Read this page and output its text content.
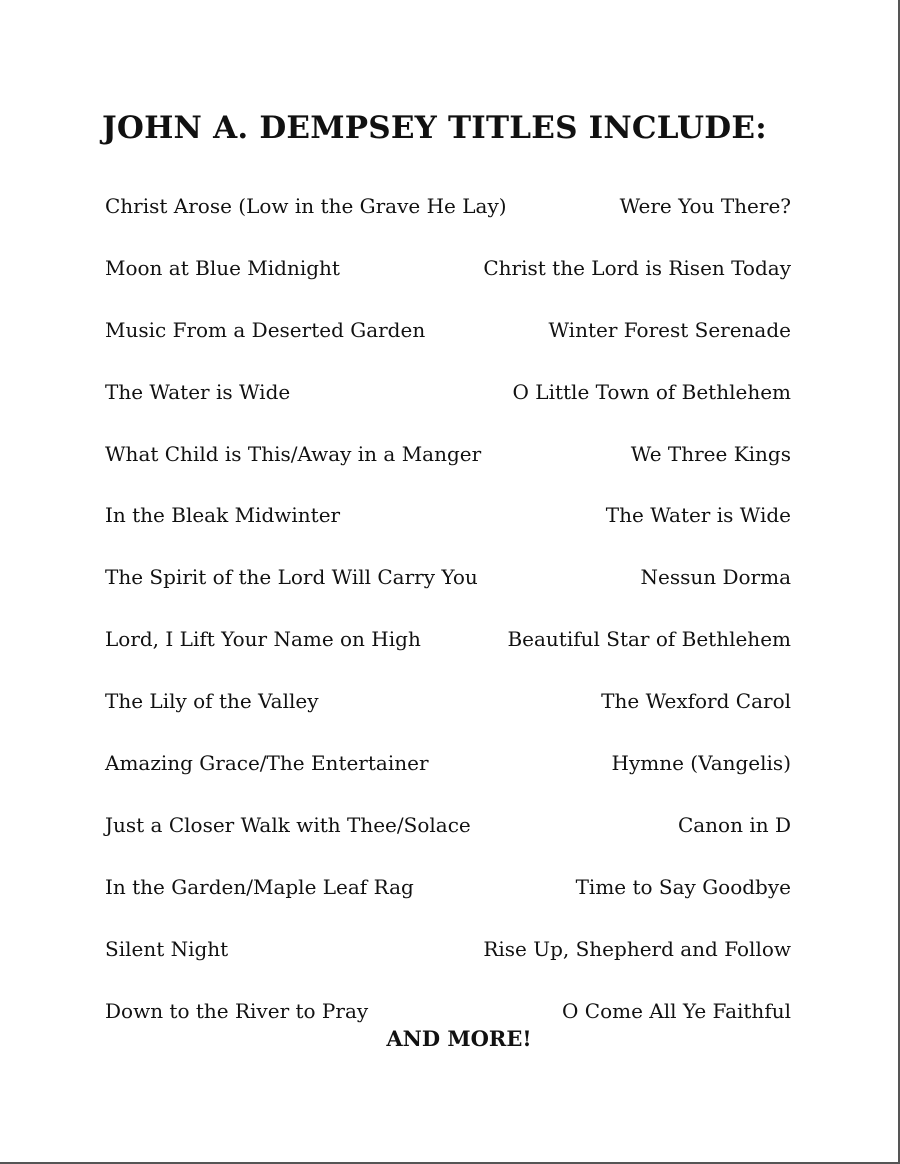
JOHN A. DEMPSEY TITLES INCLUDE:
Christ Arose (Low in the Grave He Lay)	Were You There?
Moon at Blue Midnight	Christ the Lord is Risen Today
Music From a Deserted Garden	Winter Forest Serenade
The Water is Wide	O Little Town of Bethlehem
What Child is This/Away in a Manger	We Three Kings
In the Bleak Midwinter	The Water is Wide
The Spirit of the Lord Will Carry You	Nessun Dorma
Lord, I Lift Your Name on High	Beautiful Star of Bethlehem
The Lily of the Valley	The Wexford Carol
Amazing Grace/The Entertainer	Hymne (Vangelis)
Just a Closer Walk with Thee/Solace	Canon in D
In the Garden/Maple Leaf Rag	Time to Say Goodbye
Silent Night	Rise Up, Shepherd and Follow
Down to the River to Pray	O Come All Ye Faithful
AND MORE!
